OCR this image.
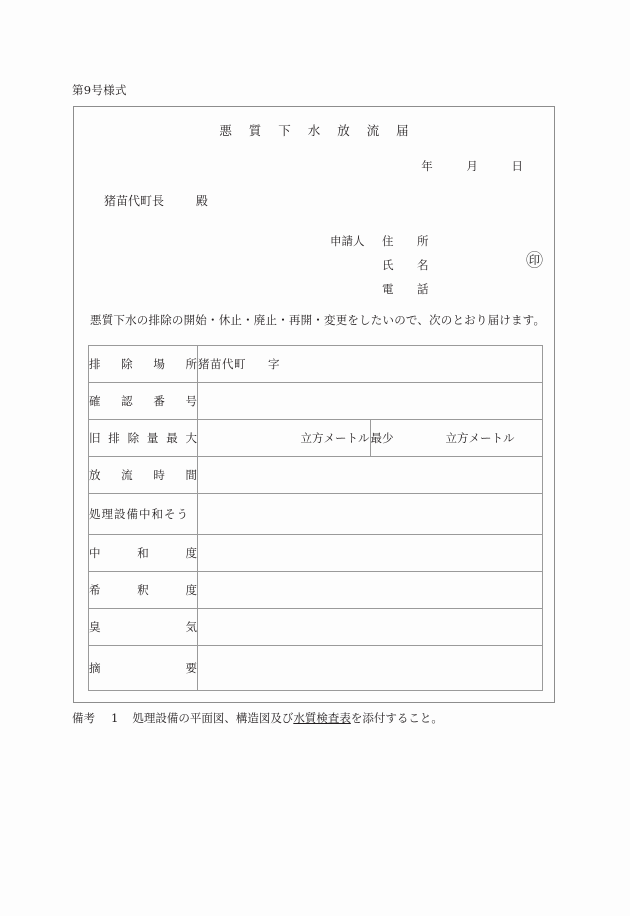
第9号様式
悪 質 下 水 放 流 届
年	月	日
猪苗代町長	殿
申請人 住　所
氏　名	㊞
電　話
悪質下水の排除の開始・休止・廃止・再開・変更をしたいので、次のとおり届けます。
排除場所	猪苗代町 字	

確認番号		

旧排除量最大	立方メートル	最少 立方メートル

放流時間		

処理設備中和そう		

中和度		

希釈度		

臭気		

摘要		

備考 1 処理設備の平面図、構造図及び水質検査表を添付すること。
